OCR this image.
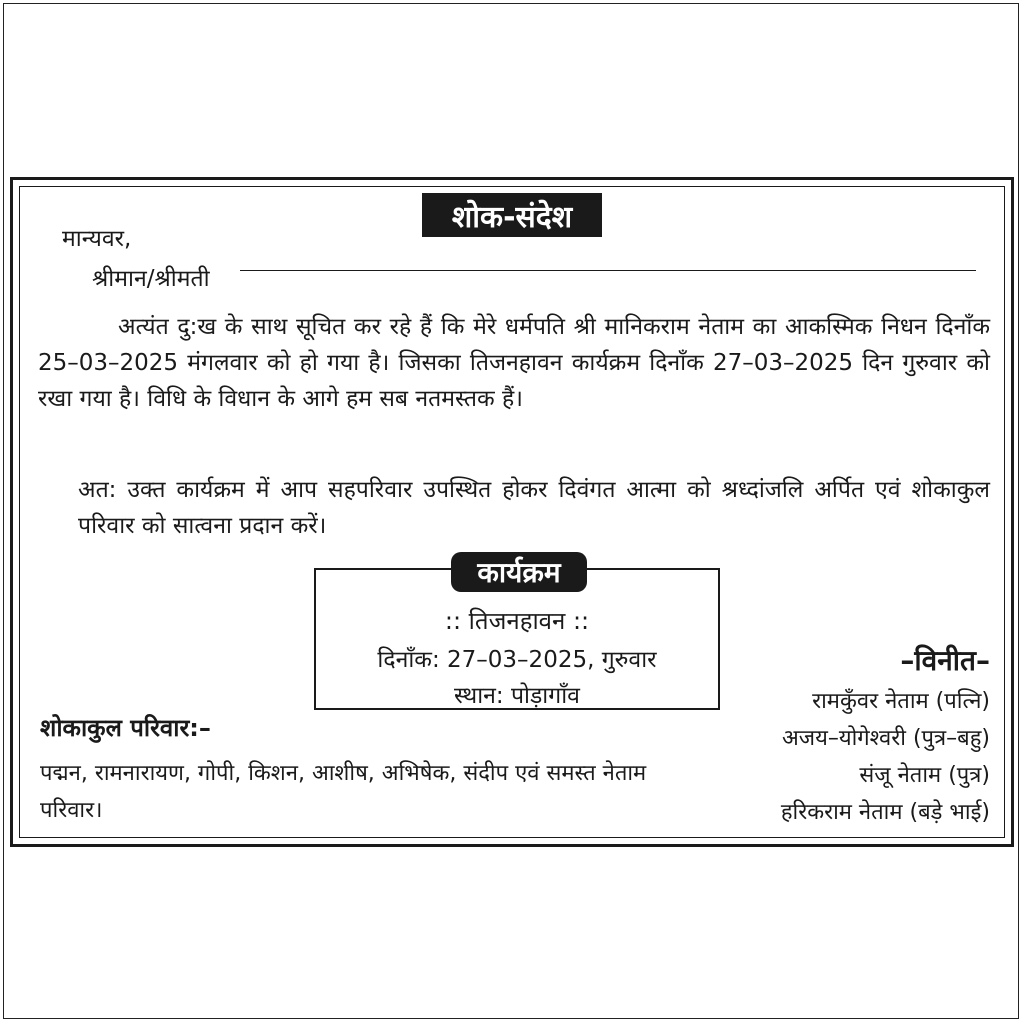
शोक-संदेश
मान्यवर,
श्रीमान/श्रीमती
अत्यंत दु:ख के साथ सूचित कर रहे हैं कि मेरे धर्मपति श्री मानिकराम नेताम का आकस्मिक निधन दिनाँक 25–03–2025 मंगलवार को हो गया है। जिसका तिजनहावन कार्यक्रम दिनाँक 27–03–2025 दिन गुरुवार को रखा गया है। विधि के विधान के आगे हम सब नतमस्तक हैं।
अत: उक्त कार्यक्रम में आप सहपरिवार उपस्थित होकर दिवंगत आत्मा को श्रध्दांजलि अर्पित एवं शोकाकुल परिवार को सात्वना प्रदान करें।
कार्यक्रम
:: तिजनहावन ::
दिनाँक: 27–03–2025, गुरुवार
स्थान: पोड़ागाँव
–विनीत–
रामकुँवर नेताम (पत्नि)
अजय–योगेश्वरी (पुत्र–बहु)
संजू नेताम (पुत्र)
हरिकराम नेताम (बड़े भाई)
शोकाकुल परिवार:–
पद्मन, रामनारायण, गोपी, किशन, आशीष, अभिषेक, संदीप एवं समस्त नेताम परिवार।
